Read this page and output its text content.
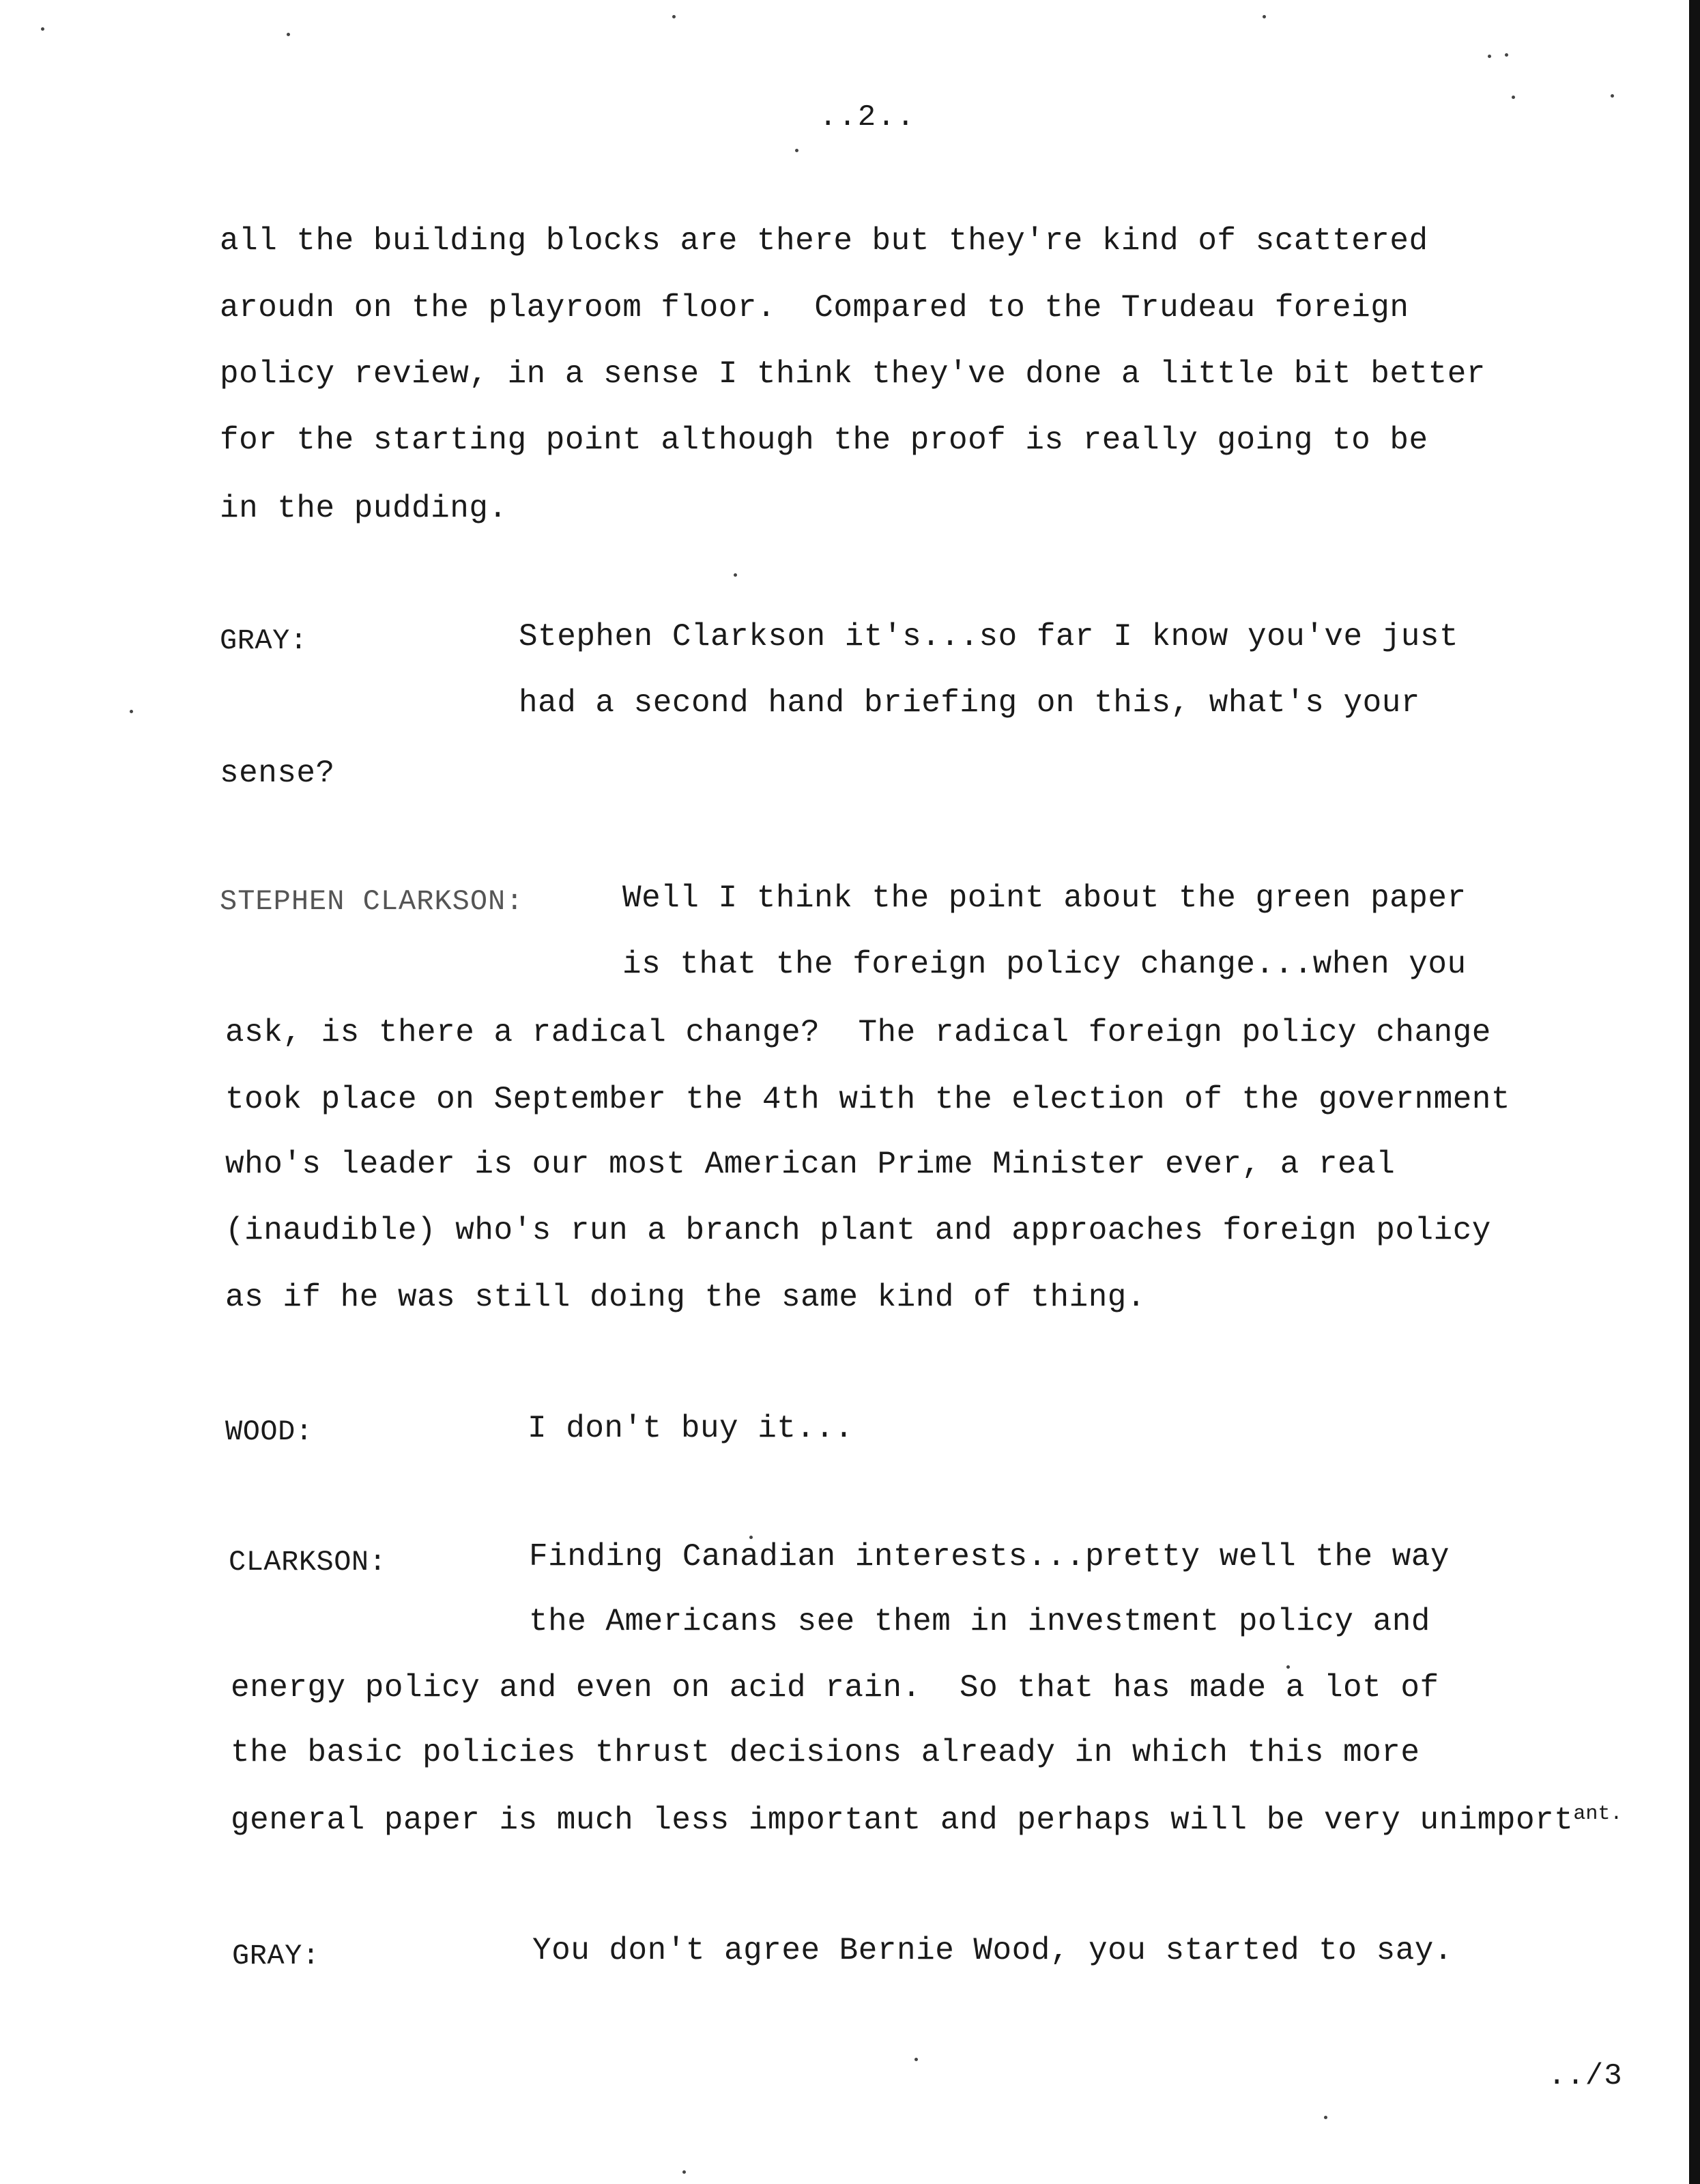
..2..
all the building blocks are there but they're kind of scattered
aroudn on the playroom floor.  Compared to the Trudeau foreign
policy review, in a sense I think they've done a little bit better
for the starting point although the proof is really going to be
in the pudding.
GRAY:	Stephen Clarkson it's...so far I know you've just
had a second hand briefing on this, what's your
sense?
STEPHEN CLARKSON:	Well I think the point about the green paper
is that the foreign policy change...when you
ask, is there a radical change?  The radical foreign policy change
took place on September the 4th with the election of the government
who's leader is our most American Prime Minister ever, a real
(inaudible) who's run a branch plant and approaches foreign policy
as if he was still doing the same kind of thing.
WOOD:	I don't buy it...
CLARKSON:	Finding Canadian interests...pretty well the way
the Americans see them in investment policy and
energy policy and even on acid rain.  So that has made a lot of
the basic policies thrust decisions already in which this more
general paper is much less important and perhaps will be very unimport$^{ant.}$
GRAY:	You don't agree Bernie Wood, you started to say.
../3
